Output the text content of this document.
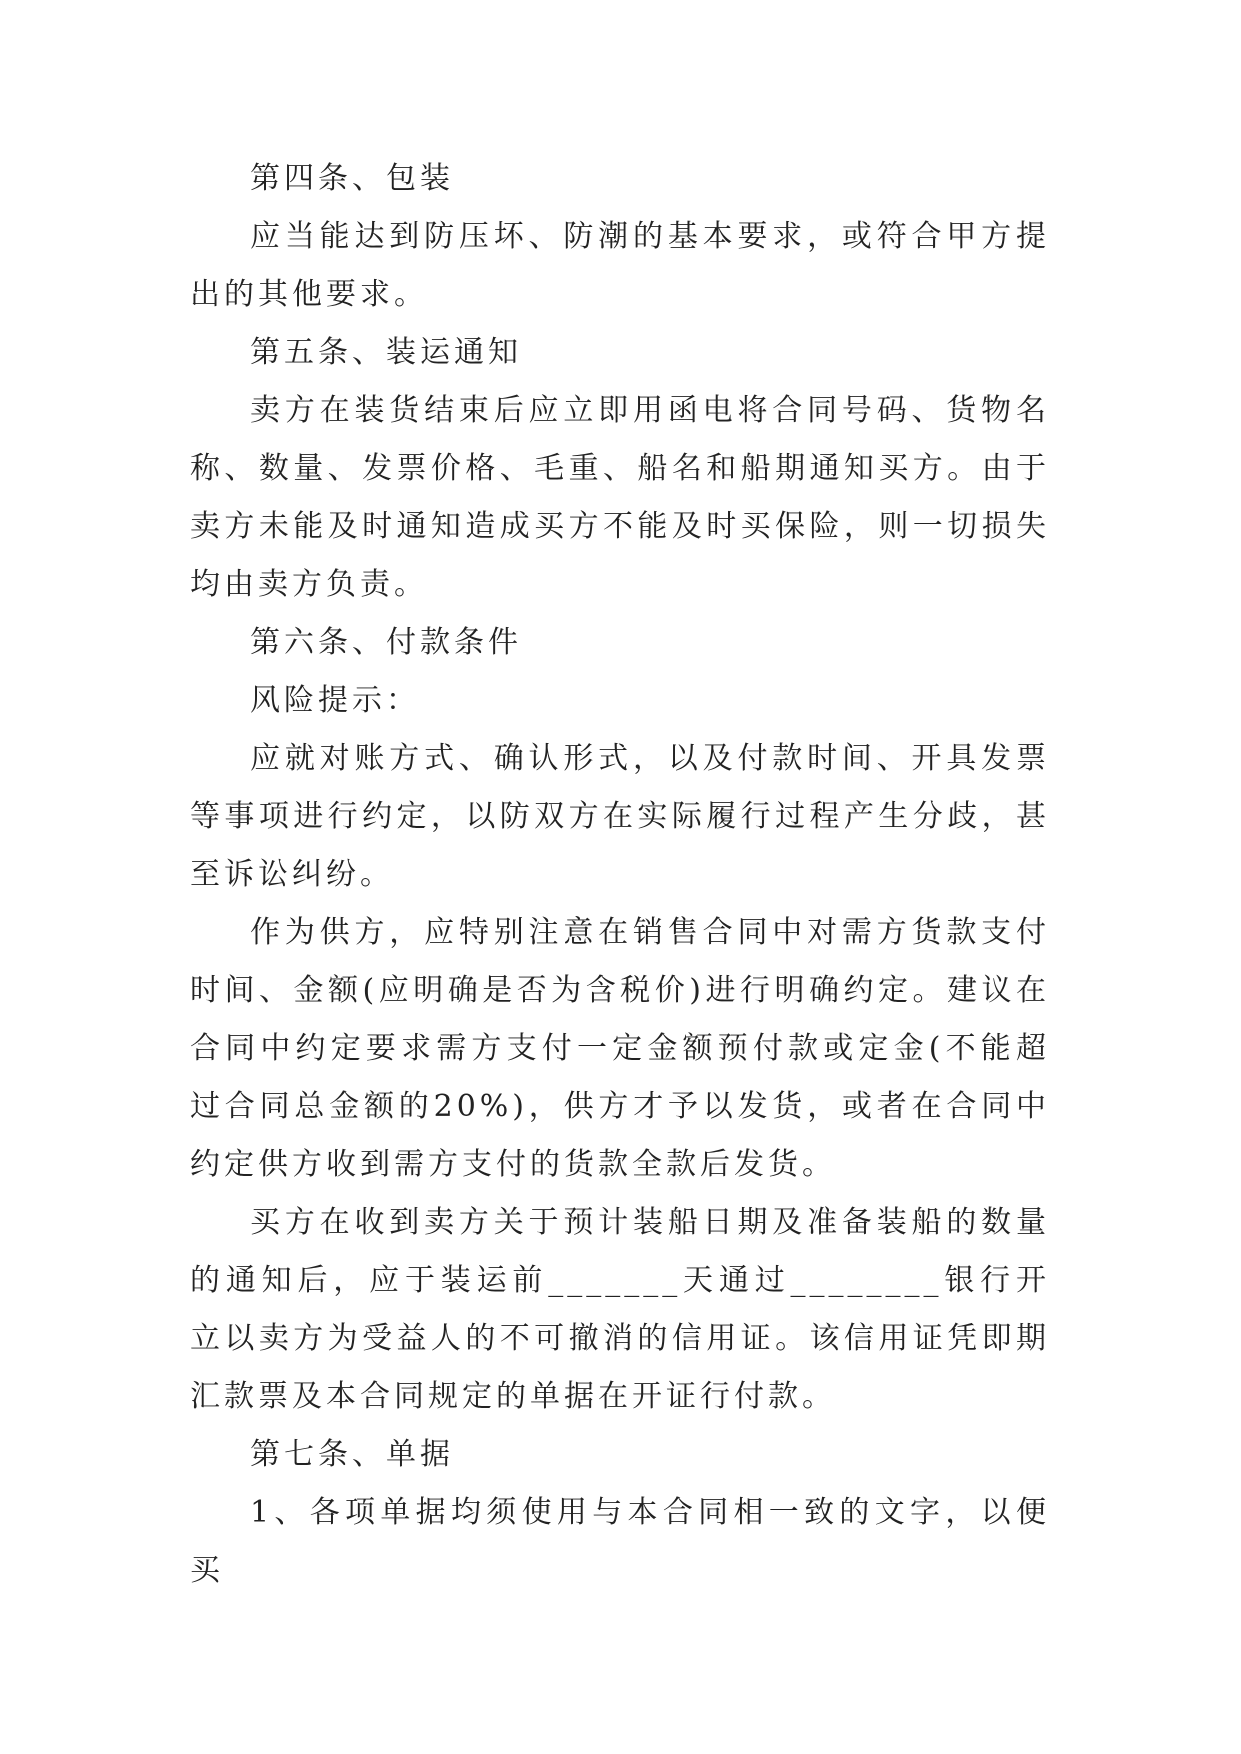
第四条、包装

应当能达到防压坏、防潮的基本要求，或符合甲方提出的其他要求。

第五条、装运通知

卖方在装货结束后应立即用函电将合同号码、货物名称、数量、发票价格、毛重、船名和船期通知买方。由于卖方未能及时通知造成买方不能及时买保险，则一切损失均由卖方负责。

第六条、付款条件

风险提示：

应就对账方式、确认形式，以及付款时间、开具发票等事项进行约定，以防双方在实际履行过程产生分歧，甚至诉讼纠纷。

作为供方，应特别注意在销售合同中对需方货款支付时间、金额(应明确是否为含税价)进行明确约定。建议在合同中约定要求需方支付一定金额预付款或定金(不能超过合同总金额的20%)，供方才予以发货，或者在合同中约定供方收到需方支付的货款全款后发货。

买方在收到卖方关于预计装船日期及准备装船的数量的通知后，应于装运前_______天通过________银行开立以卖方为受益人的不可撤消的信用证。该信用证凭即期汇款票及本合同规定的单据在开证行付款。

第七条、单据

1、各项单据均须使用与本合同相一致的文字，以便买
